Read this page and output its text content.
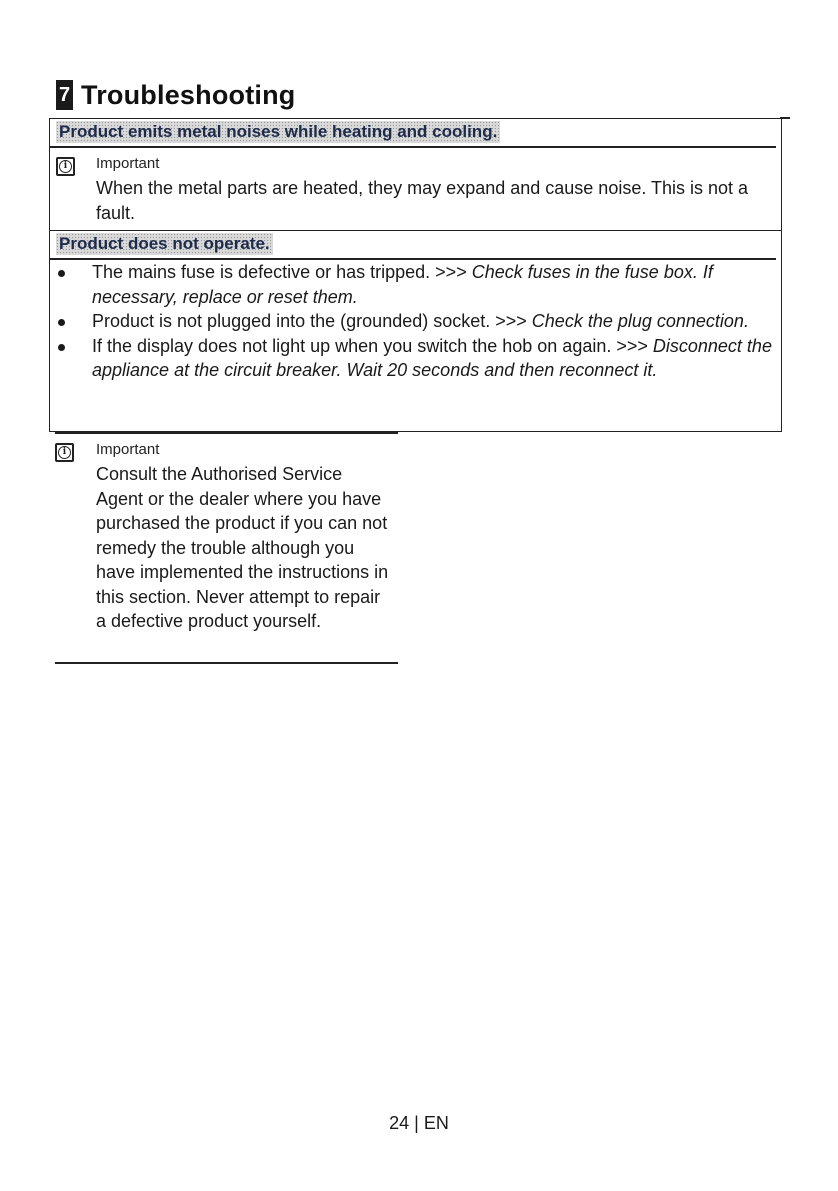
7 Troubleshooting
Product emits metal noises while heating and cooling.
i	Important
When the metal parts are heated, they may expand and cause noise. This is not a fault.
Product does not operate.
The mains fuse is defective or has tripped. >>> Check fuses in the fuse box. If necessary, replace or reset them.
Product is not plugged into the (grounded) socket. >>> Check the plug connection.
If the display does not light up when you switch the hob on again. >>> Disconnect the appliance at the circuit breaker. Wait 20 seconds and then reconnect it.
i	Important
Consult the Authorised Service Agent or the dealer where you have purchased the product if you can not remedy the trouble although you have implemented the instructions in this section. Never attempt to repair a defective product yourself.
24 | EN
